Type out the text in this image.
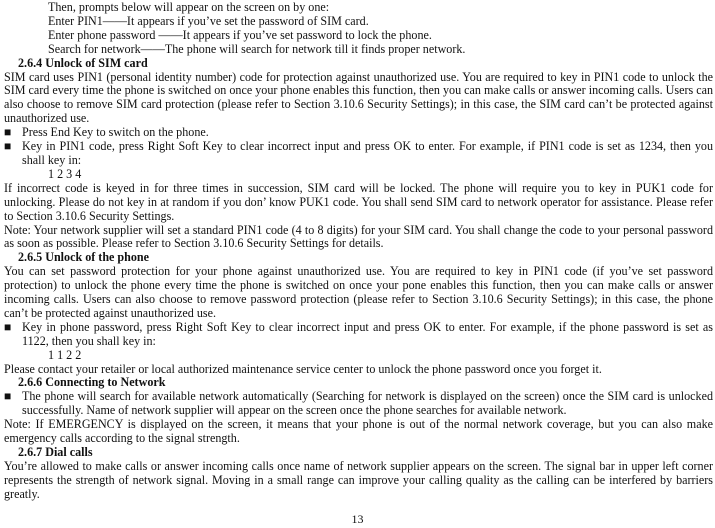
Then, prompts below will appear on the screen on by one:

Enter PIN1——It appears if you’ve set the password of SIM card.

Enter phone password ——It appears if you’ve set password to lock the phone.

Search for network——The phone will search for network till it finds proper network.

2.6.4 Unlock of SIM card

SIM card uses PIN1 (personal identity number) code for protection against unauthorized use. You are required to key in PIN1 code to unlock the SIM card every time the phone is switched on once your phone enables this function, then you can make calls or answer incoming calls. Users can also choose to remove SIM card protection (please refer to Section 3.10.6 Security Settings); in this case, the SIM card can’t be protected against unauthorized use.

■ Press End Key to switch on the phone.
■ Key in PIN1 code, press Right Soft Key to clear incorrect input and press OK to enter. For example, if PIN1 code is set as 1234, then you shall key in:

1 2 3 4

If incorrect code is keyed in for three times in succession, SIM card will be locked. The phone will require you to key in PUK1 code for unlocking. Please do not key in at random if you don’ know PUK1 code. You shall send SIM card to network operator for assistance. Please refer to Section 3.10.6 Security Settings.

Note: Your network supplier will set a standard PIN1 code (4 to 8 digits) for your SIM card. You shall change the code to your personal password as soon as possible. Please refer to Section 3.10.6 Security Settings for details.

2.6.5 Unlock of the phone

You can set password protection for your phone against unauthorized use. You are required to key in PIN1 code (if you’ve set password protection) to unlock the phone every time the phone is switched on once your pone enables this function, then you can make calls or answer incoming calls. Users can also choose to remove password protection (please refer to Section 3.10.6 Security Settings); in this case, the phone can’t be protected against unauthorized use.

■ Key in phone password, press Right Soft Key to clear incorrect input and press OK to enter. For example, if the phone password is set as 1122, then you shall key in:

1 1 2 2

Please contact your retailer or local authorized maintenance service center to unlock the phone password once you forget it.

2.6.6 Connecting to Network

■ The phone will search for available network automatically (Searching for network is displayed on the screen) once the SIM card is unlocked successfully. Name of network supplier will appear on the screen once the phone searches for available network.

Note: If EMERGENCY is displayed on the screen, it means that your phone is out of the normal network coverage, but you can also make emergency calls according to the signal strength.

2.6.7 Dial calls

You’re allowed to make calls or answer incoming calls once name of network supplier appears on the screen. The signal bar in upper left corner represents the strength of network signal. Moving in a small range can improve your calling quality as the calling can be interfered by barriers greatly.

13
